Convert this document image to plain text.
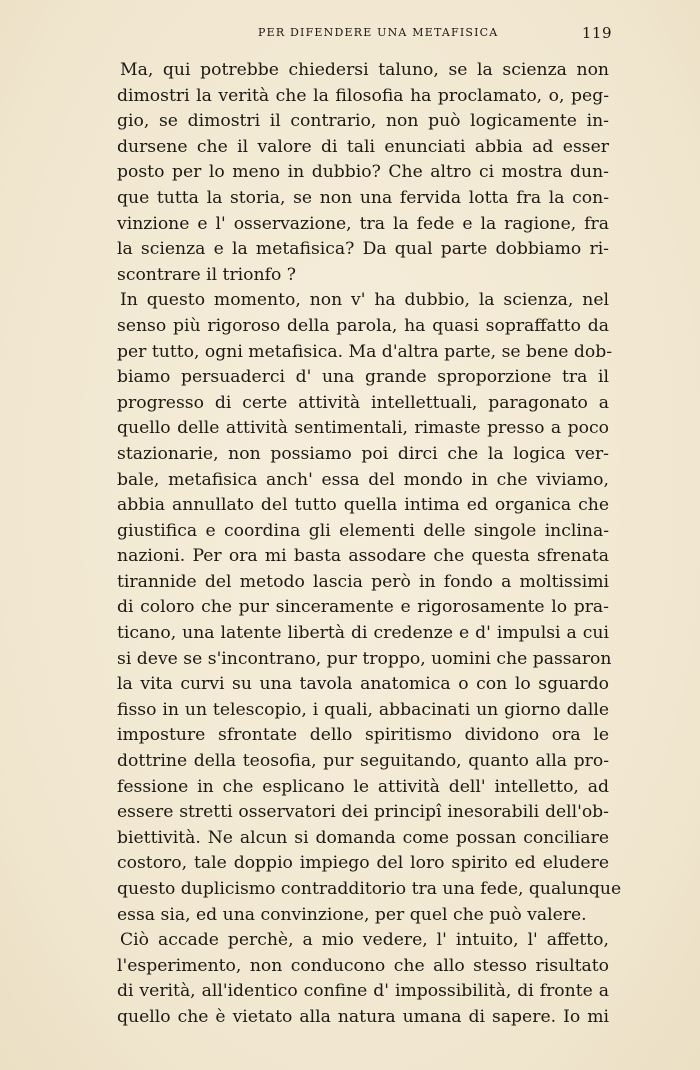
PER DIFENDERE UNA METAFISICA	119
Ma, qui potrebbe chiedersi taluno, se la scienza non
dimostri la verità che la filosofia ha proclamato, o, peg-
gio, se dimostri il contrario, non può logicamente in-
dursene che il valore di tali enunciati abbia ad esser
posto per lo meno in dubbio? Che altro ci mostra dun-
que tutta la storia, se non una fervida lotta fra la con-
vinzione e l' osservazione, tra la fede e la ragione, fra
la scienza e la metafisica? Da qual parte dobbiamo ri-
scontrare il trionfo ?
In questo momento, non v' ha dubbio, la scienza, nel
senso più rigoroso della parola, ha quasi sopraffatto da
per tutto, ogni metafisica. Ma d'altra parte, se bene dob-
biamo persuaderci d' una grande sproporzione tra il
progresso di certe attività intellettuali, paragonato a
quello delle attività sentimentali, rimaste presso a poco
stazionarie, non possiamo poi dirci che la logica ver-
bale, metafisica anch' essa del mondo in che viviamo,
abbia annullato del tutto quella intima ed organica che
giustifica e coordina gli elementi delle singole inclina-
nazioni. Per ora mi basta assodare che questa sfrenata
tirannide del metodo lascia però in fondo a moltissimi
di coloro che pur sinceramente e rigorosamente lo pra-
ticano, una latente libertà di credenze e d' impulsi a cui
si deve se s'incontrano, pur troppo, uomini che passaron
la vita curvi su una tavola anatomica o con lo sguardo
fisso in un telescopio, i quali, abbacinati un giorno dalle
imposture sfrontate dello spiritismo dividono ora le
dottrine della teosofia, pur seguitando, quanto alla pro-
fessione in che esplicano le attività dell' intelletto, ad
essere stretti osservatori dei principî inesorabili dell'ob-
biettività. Ne alcun si domanda come possan conciliare
costoro, tale doppio impiego del loro spirito ed eludere
questo duplicismo contradditorio tra una fede, qualunque
essa sia, ed una convinzione, per quel che può valere.
Ciò accade perchè, a mio vedere, l' intuito, l' affetto,
l'esperimento, non conducono che allo stesso risultato
di verità, all'identico confine d' impossibilità, di fronte a
quello che è vietato alla natura umana di sapere. Io mi
